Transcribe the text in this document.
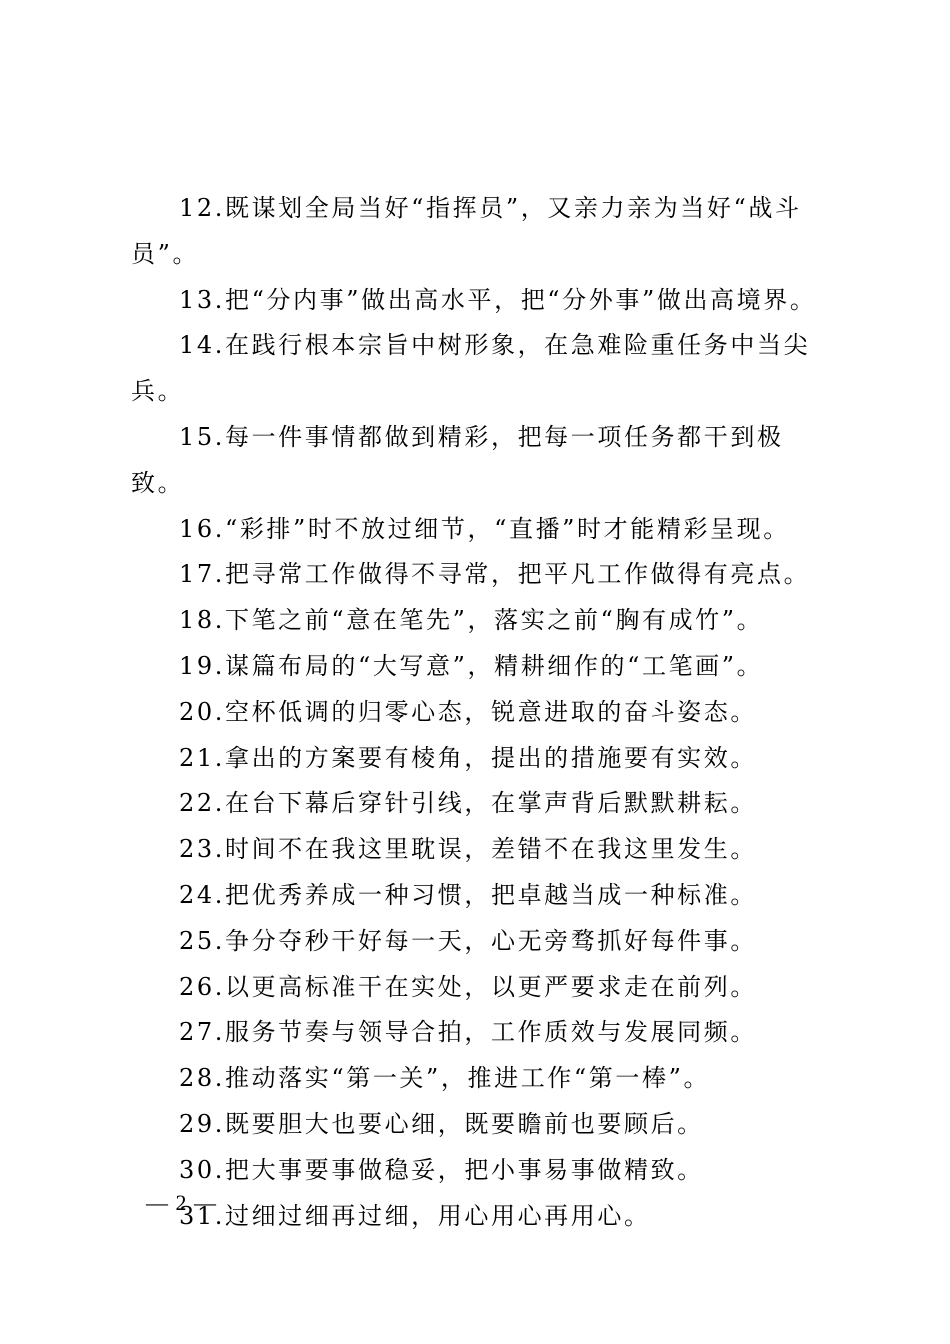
12.既谋划全局当好“指挥员”，又亲力亲为当好“战斗员”。

13.把“分内事”做出高水平，把“分外事”做出高境界。

14.在践行根本宗旨中树形象，在急难险重任务中当尖兵。

15.每一件事情都做到精彩，把每一项任务都干到极致。

16.“彩排”时不放过细节，“直播”时才能精彩呈现。

17.把寻常工作做得不寻常，把平凡工作做得有亮点。

18.下笔之前“意在笔先”，落实之前“胸有成竹”。

19.谋篇布局的“大写意”，精耕细作的“工笔画”。

20.空杯低调的归零心态，锐意进取的奋斗姿态。

21.拿出的方案要有棱角，提出的措施要有实效。

22.在台下幕后穿针引线，在掌声背后默默耕耘。

23.时间不在我这里耽误，差错不在我这里发生。

24.把优秀养成一种习惯，把卓越当成一种标准。

25.争分夺秒干好每一天，心无旁骛抓好每件事。

26.以更高标准干在实处，以更严要求走在前列。

27.服务节奏与领导合拍，工作质效与发展同频。

28.推动落实“第一关”，推进工作“第一棒”。

29.既要胆大也要心细，既要瞻前也要顾后。

30.把大事要事做稳妥，把小事易事做精致。

31.过细过细再过细，用心用心再用心。

— 2 —
